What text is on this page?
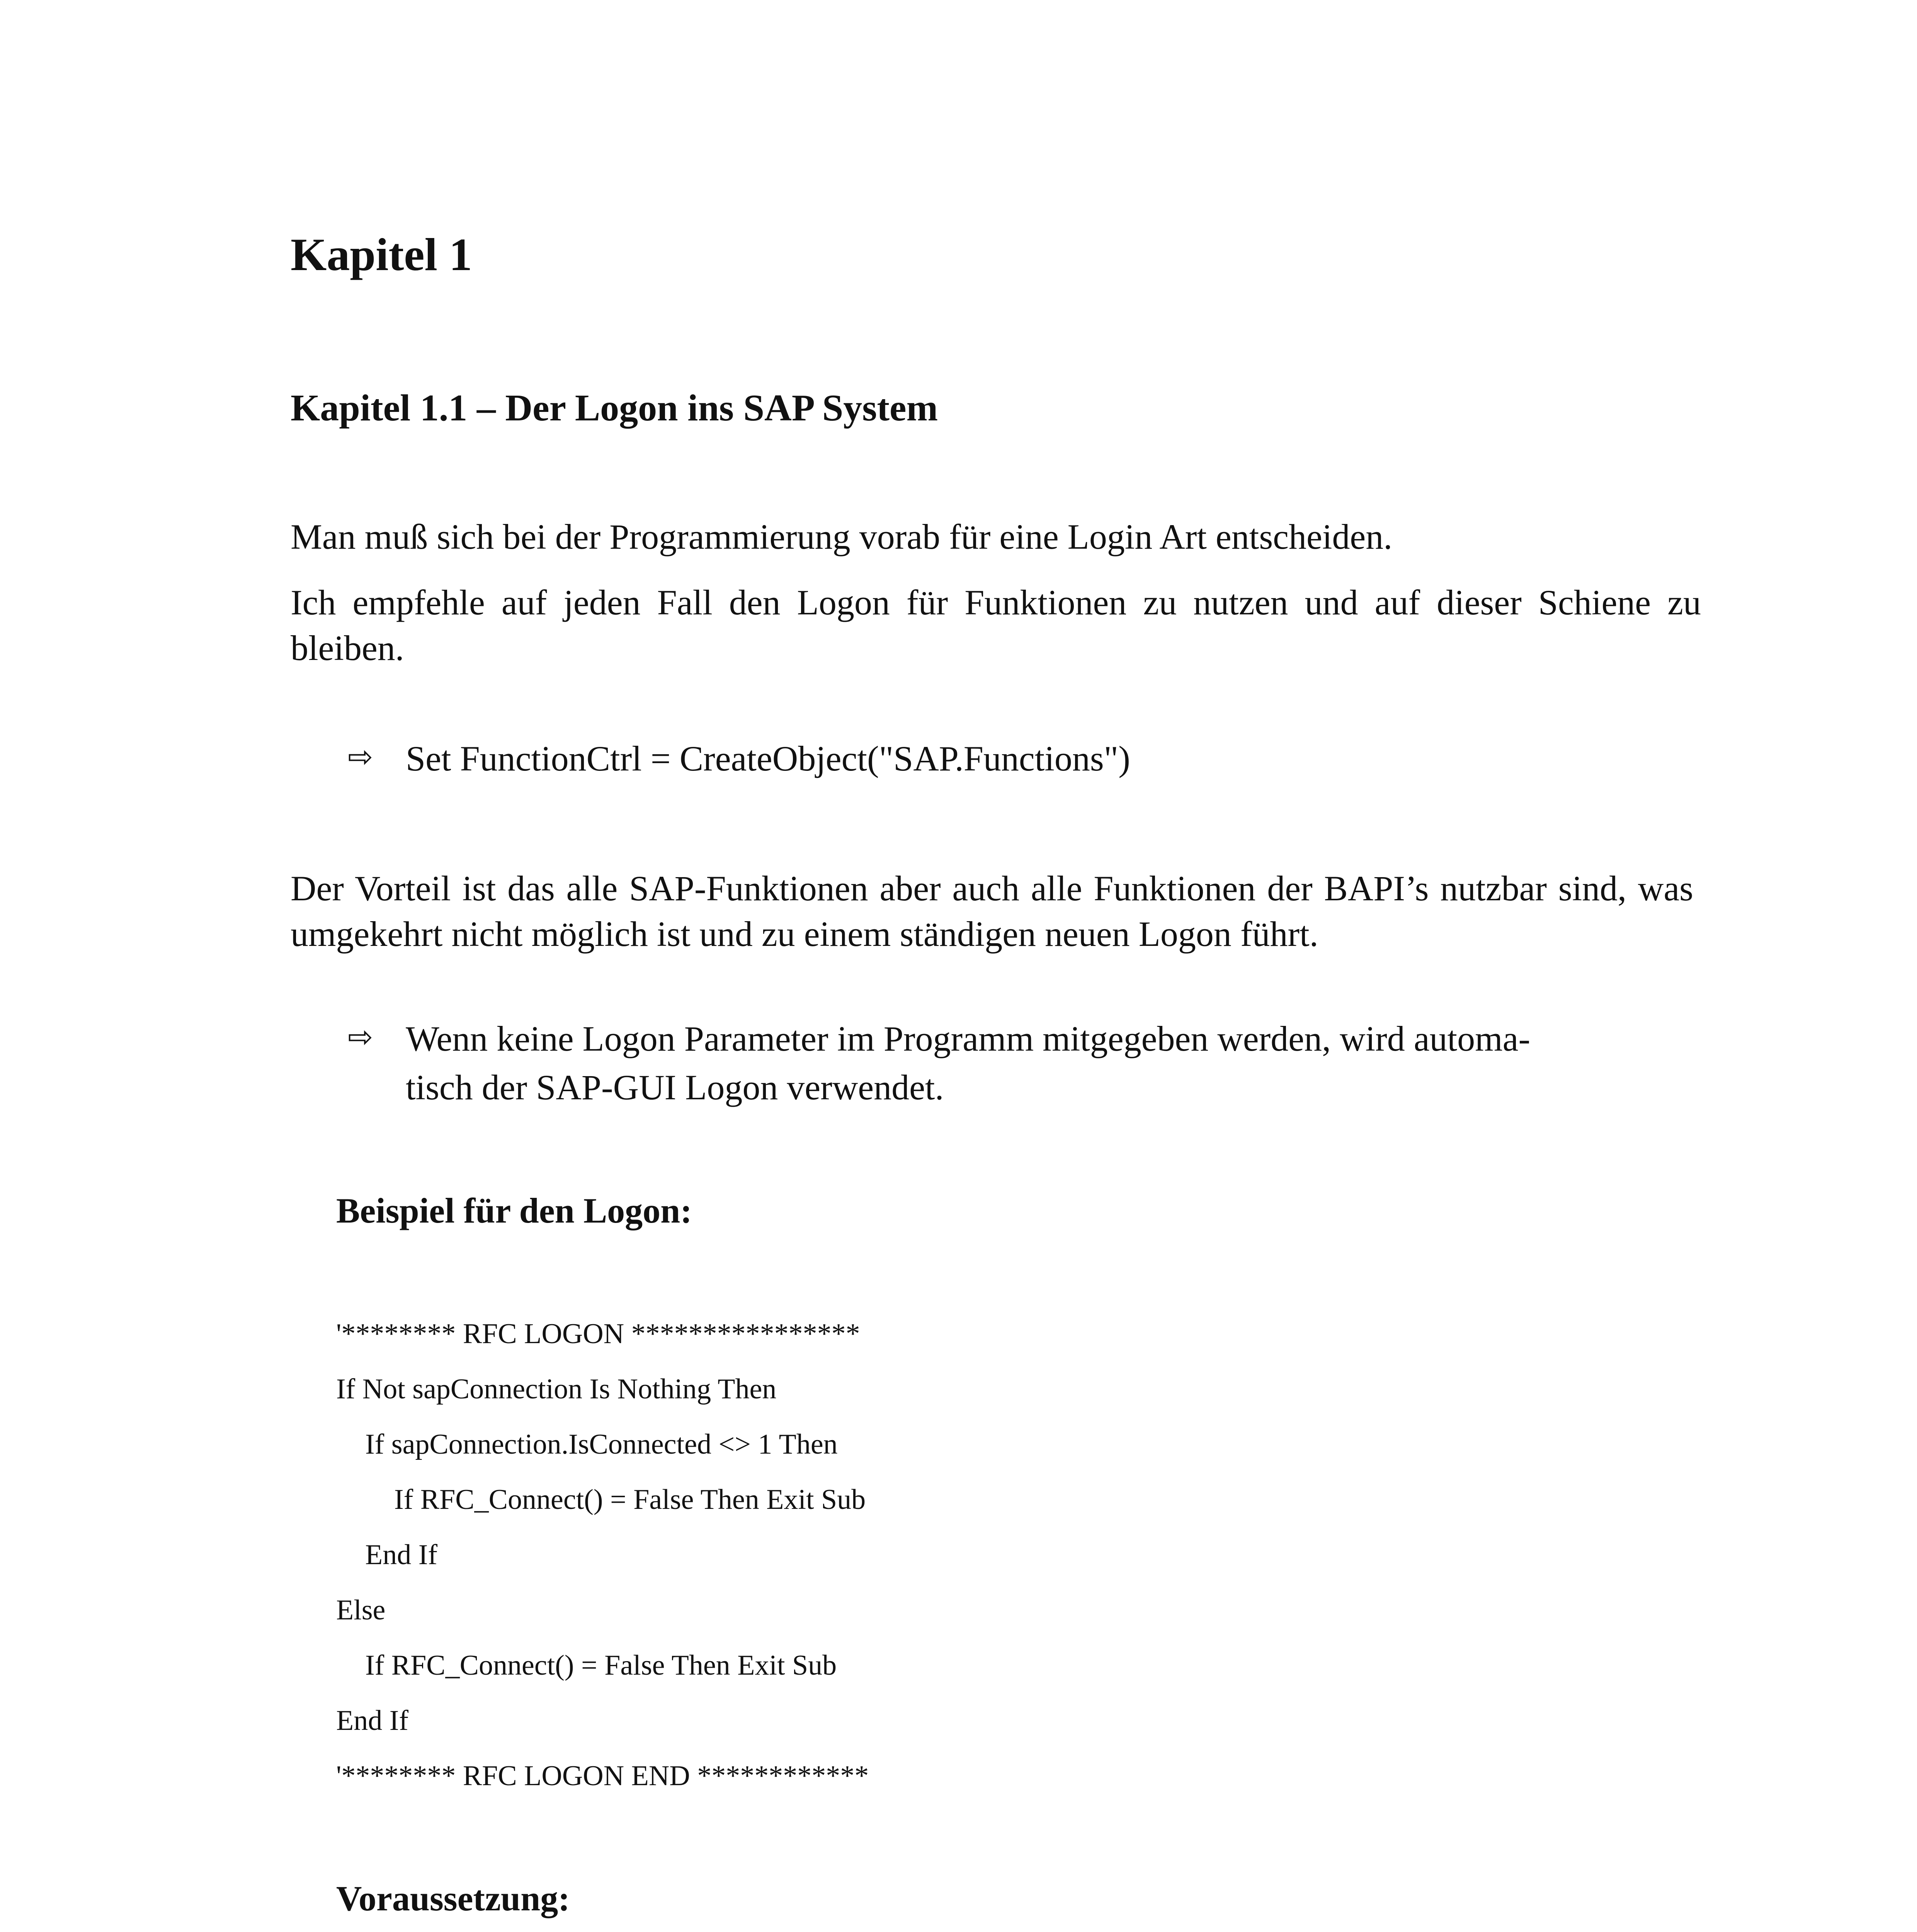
Kapitel 1
Kapitel 1.1 – Der Logon ins SAP System

Man muß sich bei der Programmierung vorab für eine Login Art entscheiden.

Ich empfehle auf jeden Fall den Logon für Funktionen zu nutzen und auf dieser Schiene zu bleiben.

⇨ Set FunctionCtrl = CreateObject("SAP.Functions")

Der Vorteil ist das alle SAP-Funktionen aber auch alle Funktionen der BAPI’s nutzbar sind, was umgekehrt nicht möglich ist und zu einem ständigen neuen Logon führt.

⇨ Wenn keine Logon Parameter im Programm mitgegeben werden, wird automa-
tisch der SAP-GUI Logon verwendet.
Beispiel für den Logon:
'******** RFC LOGON ****************
If Not sapConnection Is Nothing Then
If sapConnection.IsConnected <> 1 Then
If RFC_Connect() = False Then Exit Sub
End If
Else
If RFC_Connect() = False Then Exit Sub
End If
'******** RFC LOGON END ************
Voraussetzung:
